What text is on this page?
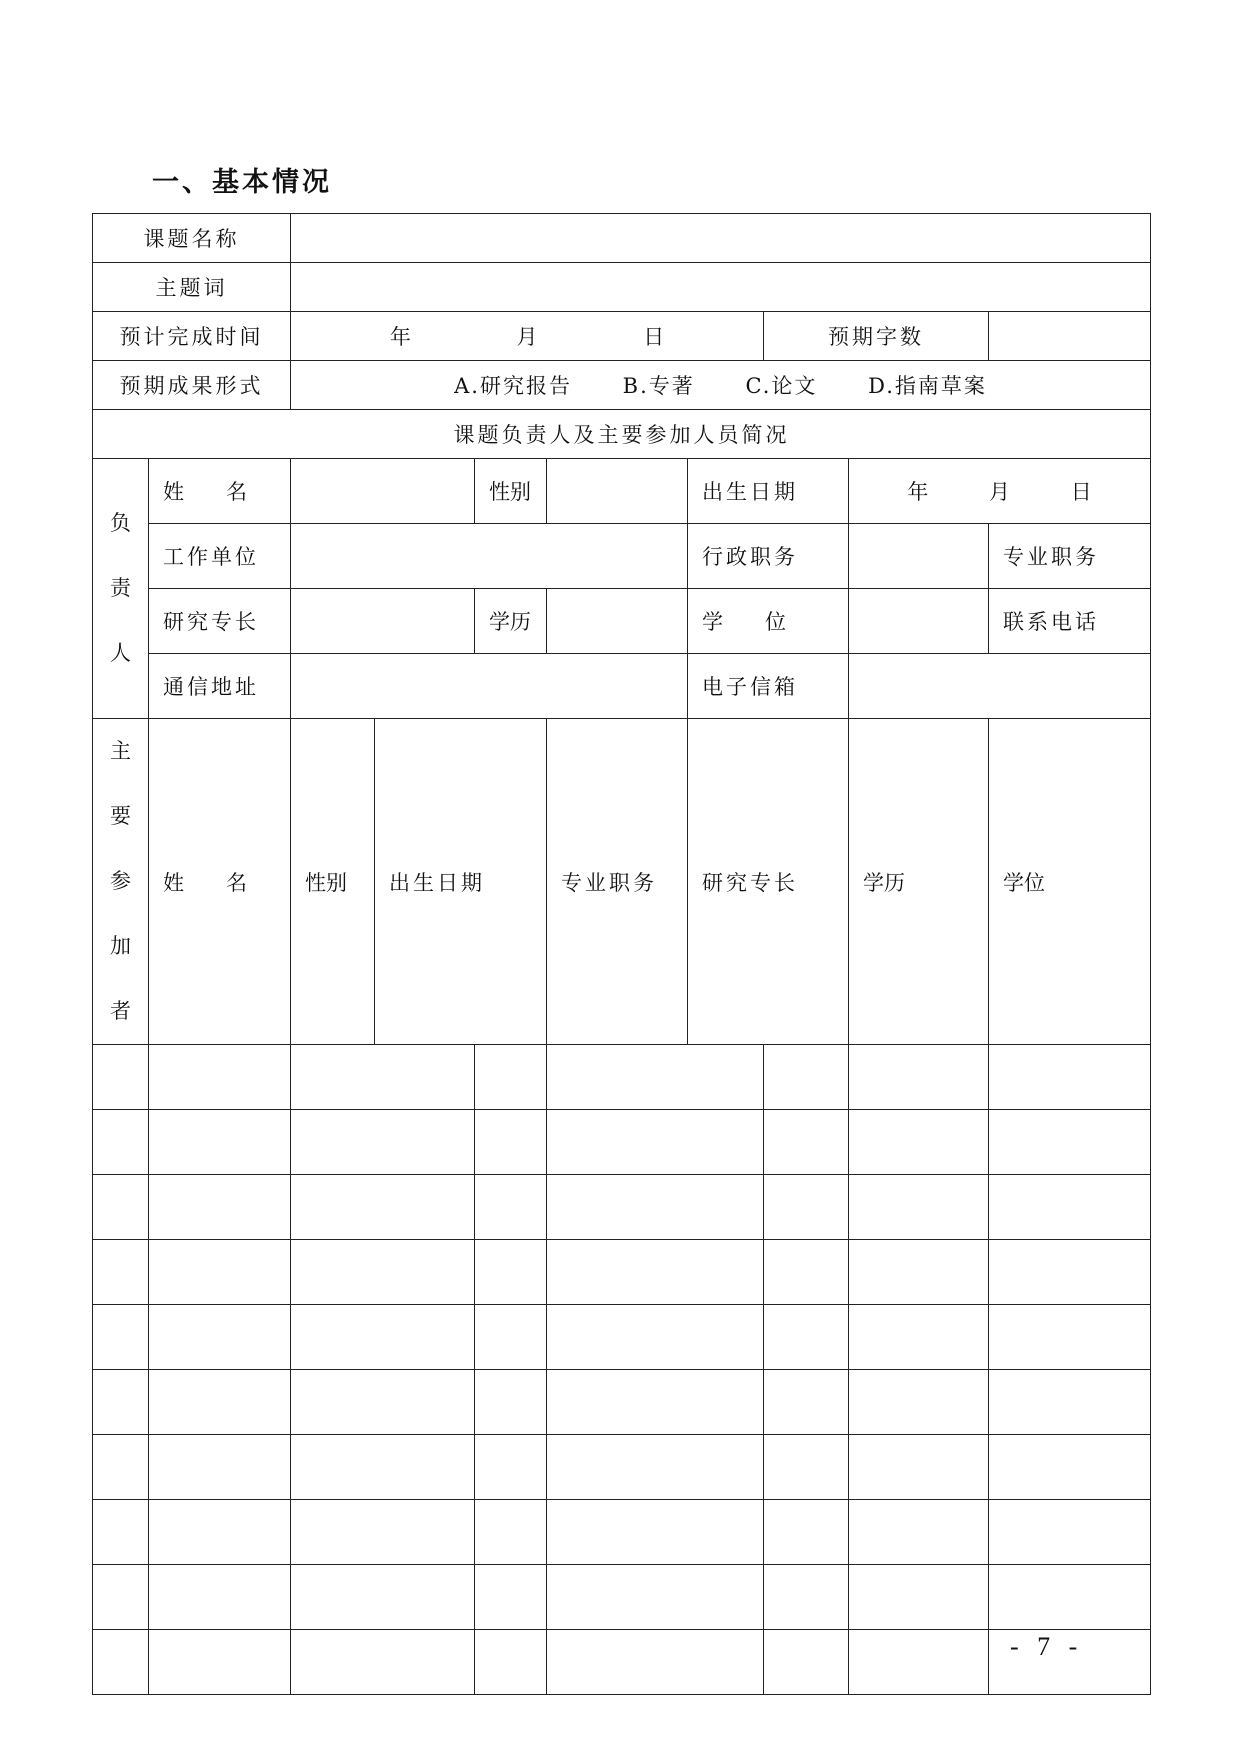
一、基本情况
课题名称										
主题词										
预计完成时间		年 月 日					预期字数			
预期成果形式		A.研究报告 B.专著 C.论文 D.指南草案								
课题负责人及主要参加人员简况										

负
责
人	姓　　名			性别		出生日期		年 月 日		
	工作单位					行政职务			专业职务	
	研究专长			学历		学　　位			联系电话	
	通信地址					电子信箱				

主
要
参
加
者	姓　　名	性别	出生日期		专业职务	研究专长		学历	学位	

- 7 -
